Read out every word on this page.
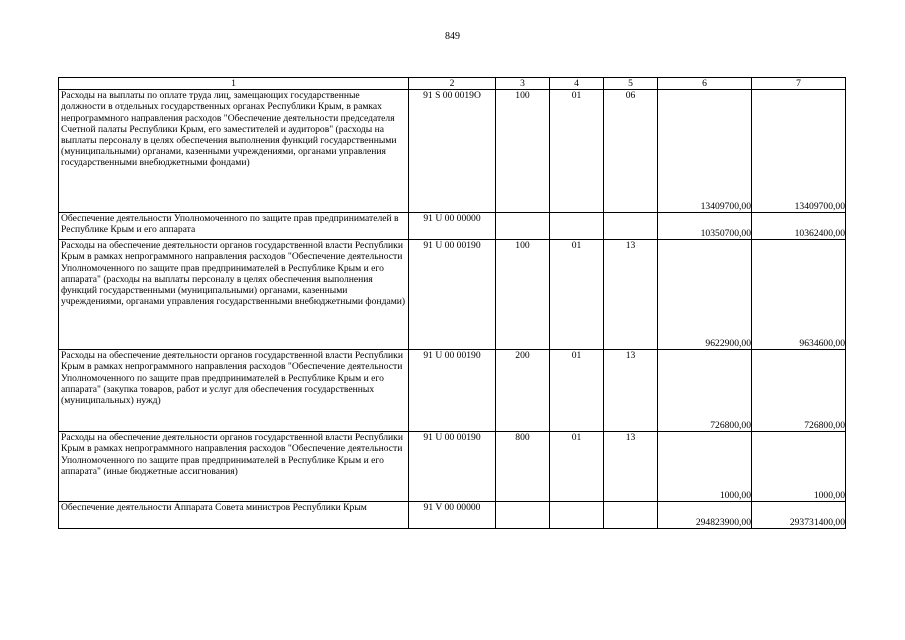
849
1	2	3	4	5	6	7
Расходы на выплаты по оплате труда лиц, замещающих государственные должности в отдельных государственных органах Республики Крым, в рамках непрограммного направления расходов "Обеспечение деятельности председателя Счетной палаты Республики Крым, его заместителей и аудиторов" (расходы на выплаты персоналу в целях обеспечения выполнения функций государственными (муниципальными) органами, казенными учреждениями, органами управления государственными внебюджетными фондами)	91 S 00 0019О	100	01	06	13409700,00	13409700,00
Обеспечение деятельности Уполномоченного по защите прав предпринимателей в Республике Крым и его аппарата	91 U 00 00000				10350700,00	10362400,00
Расходы на обеспечение деятельности органов государственной власти Республики Крым в рамках непрограммного направления расходов "Обеспечение деятельности Уполномоченного по защите прав предпринимателей в Республике Крым и его аппарата" (расходы на выплаты персоналу в целях обеспечения выполнения функций государственными (муниципальными) органами, казенными учреждениями, органами управления государственными внебюджетными фондами)	91 U 00 00190	100	01	13	9622900,00	9634600,00
Расходы на обеспечение деятельности органов государственной власти Республики Крым в рамках непрограммного направления расходов "Обеспечение деятельности Уполномоченного по защите прав предпринимателей в Республике Крым и его аппарата" (закупка товаров, работ и услуг для обеспечения государственных (муниципальных) нужд)	91 U 00 00190	200	01	13	726800,00	726800,00
Расходы на обеспечение деятельности органов государственной власти Республики Крым в рамках непрограммного направления расходов "Обеспечение деятельности Уполномоченного по защите прав предпринимателей в Республике Крым и его аппарата" (иные бюджетные ассигнования)	91 U 00 00190	800	01	13	1000,00	1000,00
Обеспечение деятельности Аппарата Совета министров Республики Крым	91 V 00 00000				294823900,00	293731400,00
